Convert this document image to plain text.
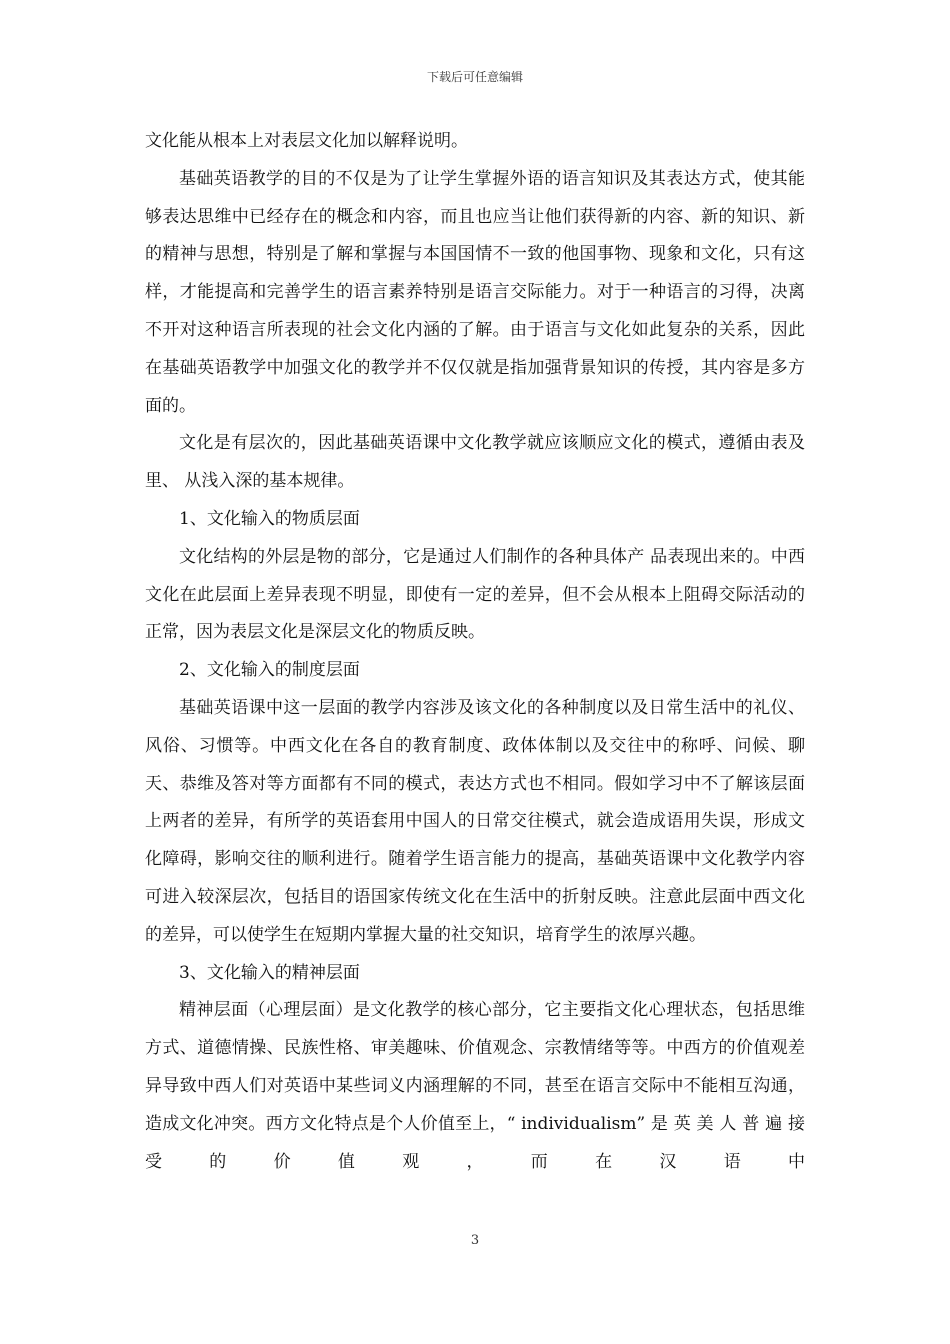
下载后可任意编辑

文化能从根本上对表层文化加以解释说明。

基础英语教学的目的不仅是为了让学生掌握外语的语言知识及其表达方式，使其能够表达思维中已经存在的概念和内容，而且也应当让他们获得新的内容、新的知识、新的精神与思想，特别是了解和掌握与本国国情不一致的他国事物、现象和文化，只有这样，才能提高和完善学生的语言素养特别是语言交际能力。对于一种语言的习得，决离不开对这种语言所表现的社会文化内涵的了解。由于语言与文化如此复杂的关系，因此在基础英语教学中加强文化的教学并不仅仅就是指加强背景知识的传授，其内容是多方面的。

文化是有层次的，因此基础英语课中文化教学就应该顺应文化的模式，遵循由表及里、 从浅入深的基本规律。

1、文化输入的物质层面

文化结构的外层是物的部分，它是通过人们制作的各种具体产 品表现出来的。中西文化在此层面上差异表现不明显，即使有一定的差异，但不会从根本上阻碍交际活动的正常，因为表层文化是深层文化的物质反映。

2、文化输入的制度层面

基础英语课中这一层面的教学内容涉及该文化的各种制度以及日常生活中的礼仪、风俗、习惯等。中西文化在各自的教育制度、政体体制以及交往中的称呼、问候、聊天、恭维及答对等方面都有不同的模式，表达方式也不相同。假如学习中不了解该层面上两者的差异，有所学的英语套用中国人的日常交往模式，就会造成语用失误，形成文化障碍，影响交往的顺利进行。随着学生语言能力的提高，基础英语课中文化教学内容可进入较深层次，包括目的语国家传统文化在生活中的折射反映。注意此层面中西文化的差异，可以使学生在短期内掌握大量的社交知识，培育学生的浓厚兴趣。

3、文化输入的精神层面

精神层面（心理层面）是文化教学的核心部分，它主要指文化心理状态，包括思维方式、道德情操、民族性格、审美趣味、价值观念、宗教情绪等等。中西方的价值观差异导致中西人们对英语中某些词义内涵理解的不同，甚至在语言交际中不能相互沟通，造成文化冲突。西方文化特点是个人价值至上，“ individualism” 是 英 美 人 普 遍 接 受 的 价 值 观 ， 而 在 汉 语 中

3
